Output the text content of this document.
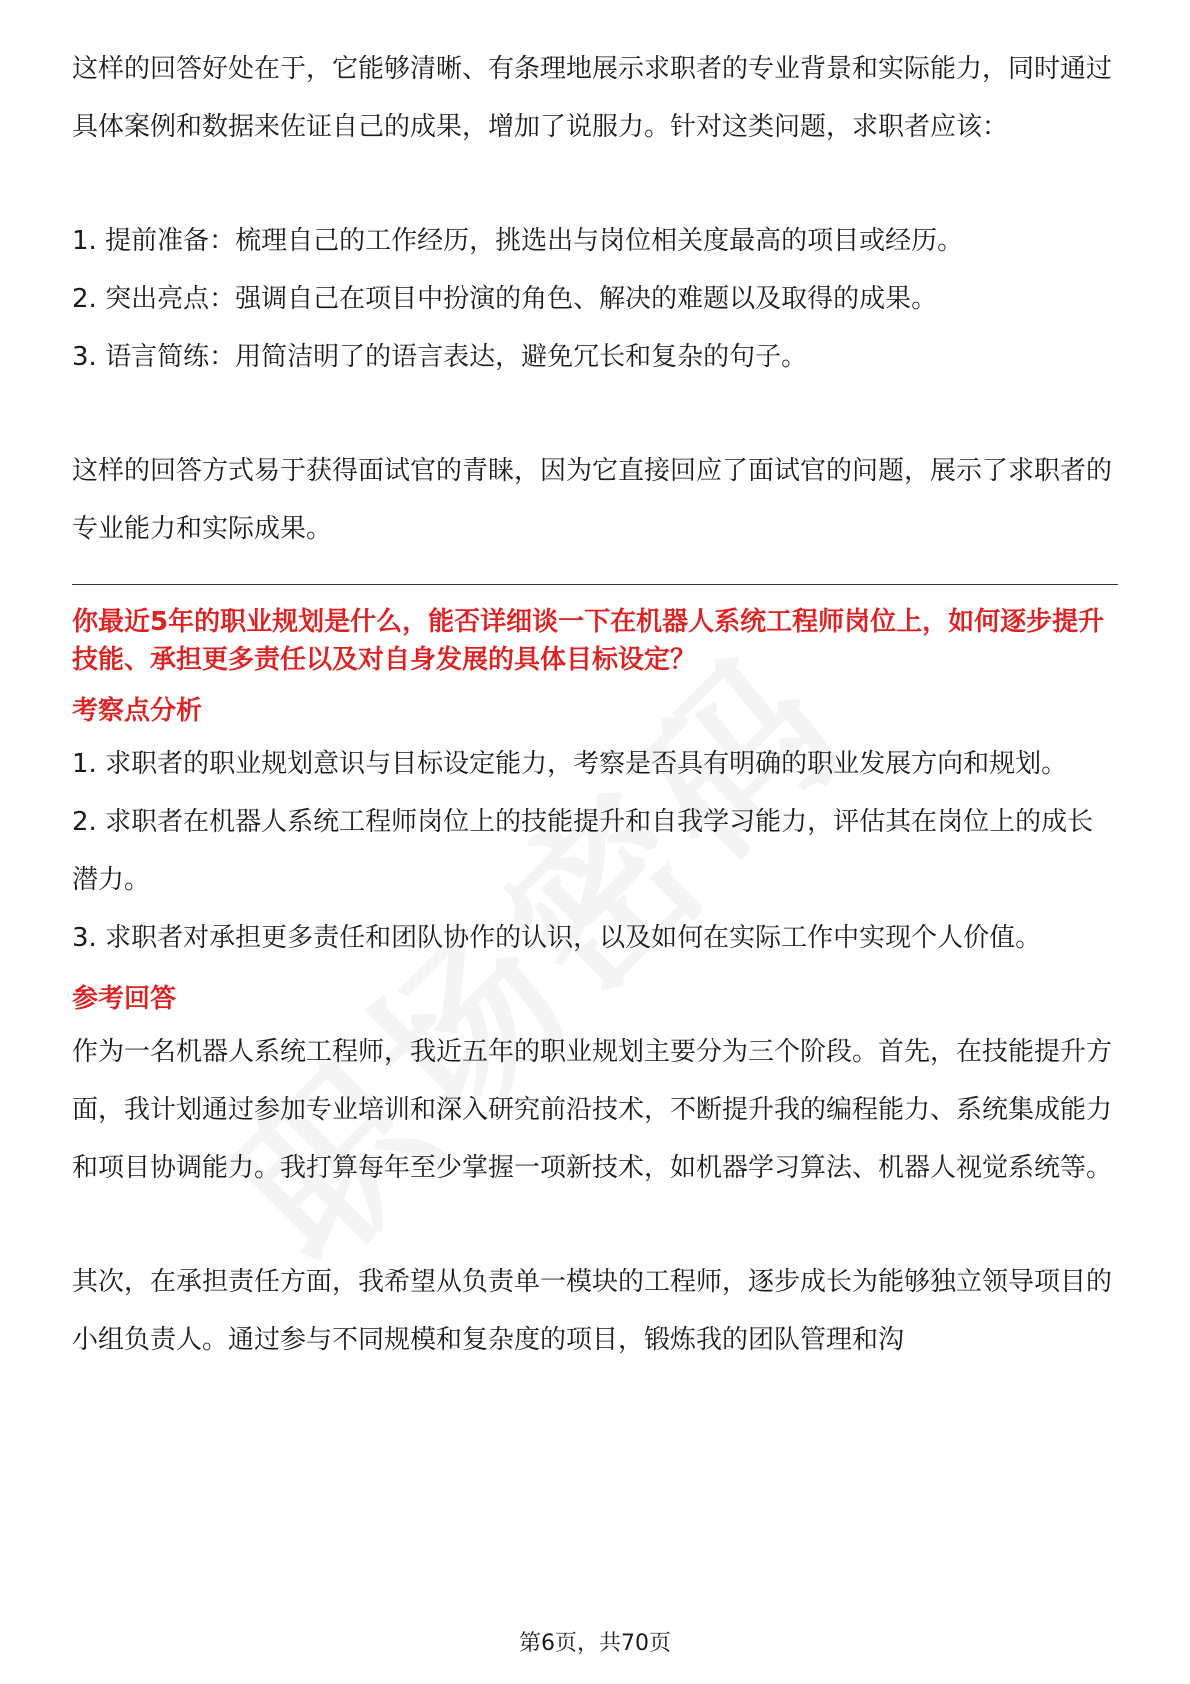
这样的回答好处在于，它能够清晰、有条理地展示求职者的专业背景和实际能力，同时通过具体案例和数据来佐证自己的成果，增加了说服力。针对这类问题，求职者应该：

1. 提前准备：梳理自己的工作经历，挑选出与岗位相关度最高的项目或经历。

2. 突出亮点：强调自己在项目中扮演的角色、解决的难题以及取得的成果。

3. 语言简练：用简洁明了的语言表达，避免冗长和复杂的句子。

这样的回答方式易于获得面试官的青睐，因为它直接回应了面试官的问题，展示了求职者的专业能力和实际成果。

你最近5年的职业规划是什么，能否详细谈一下在机器人系统工程师岗位上，如何逐步提升技能、承担更多责任以及对自身发展的具体目标设定？

考察点分析

1. 求职者的职业规划意识与目标设定能力，考察是否具有明确的职业发展方向和规划。

2. 求职者在机器人系统工程师岗位上的技能提升和自我学习能力，评估其在岗位上的成长潜力。

3. 求职者对承担更多责任和团队协作的认识，以及如何在实际工作中实现个人价值。

参考回答

作为一名机器人系统工程师，我近五年的职业规划主要分为三个阶段。首先，在技能提升方面，我计划通过参加专业培训和深入研究前沿技术，不断提升我的编程能力、系统集成能力和项目协调能力。我打算每年至少掌握一项新技术，如机器学习算法、机器人视觉系统等。

其次，在承担责任方面，我希望从负责单一模块的工程师，逐步成长为能够独立领导项目的小组负责人。通过参与不同规模和复杂度的项目，锻炼我的团队管理和沟

第6页，共70页
